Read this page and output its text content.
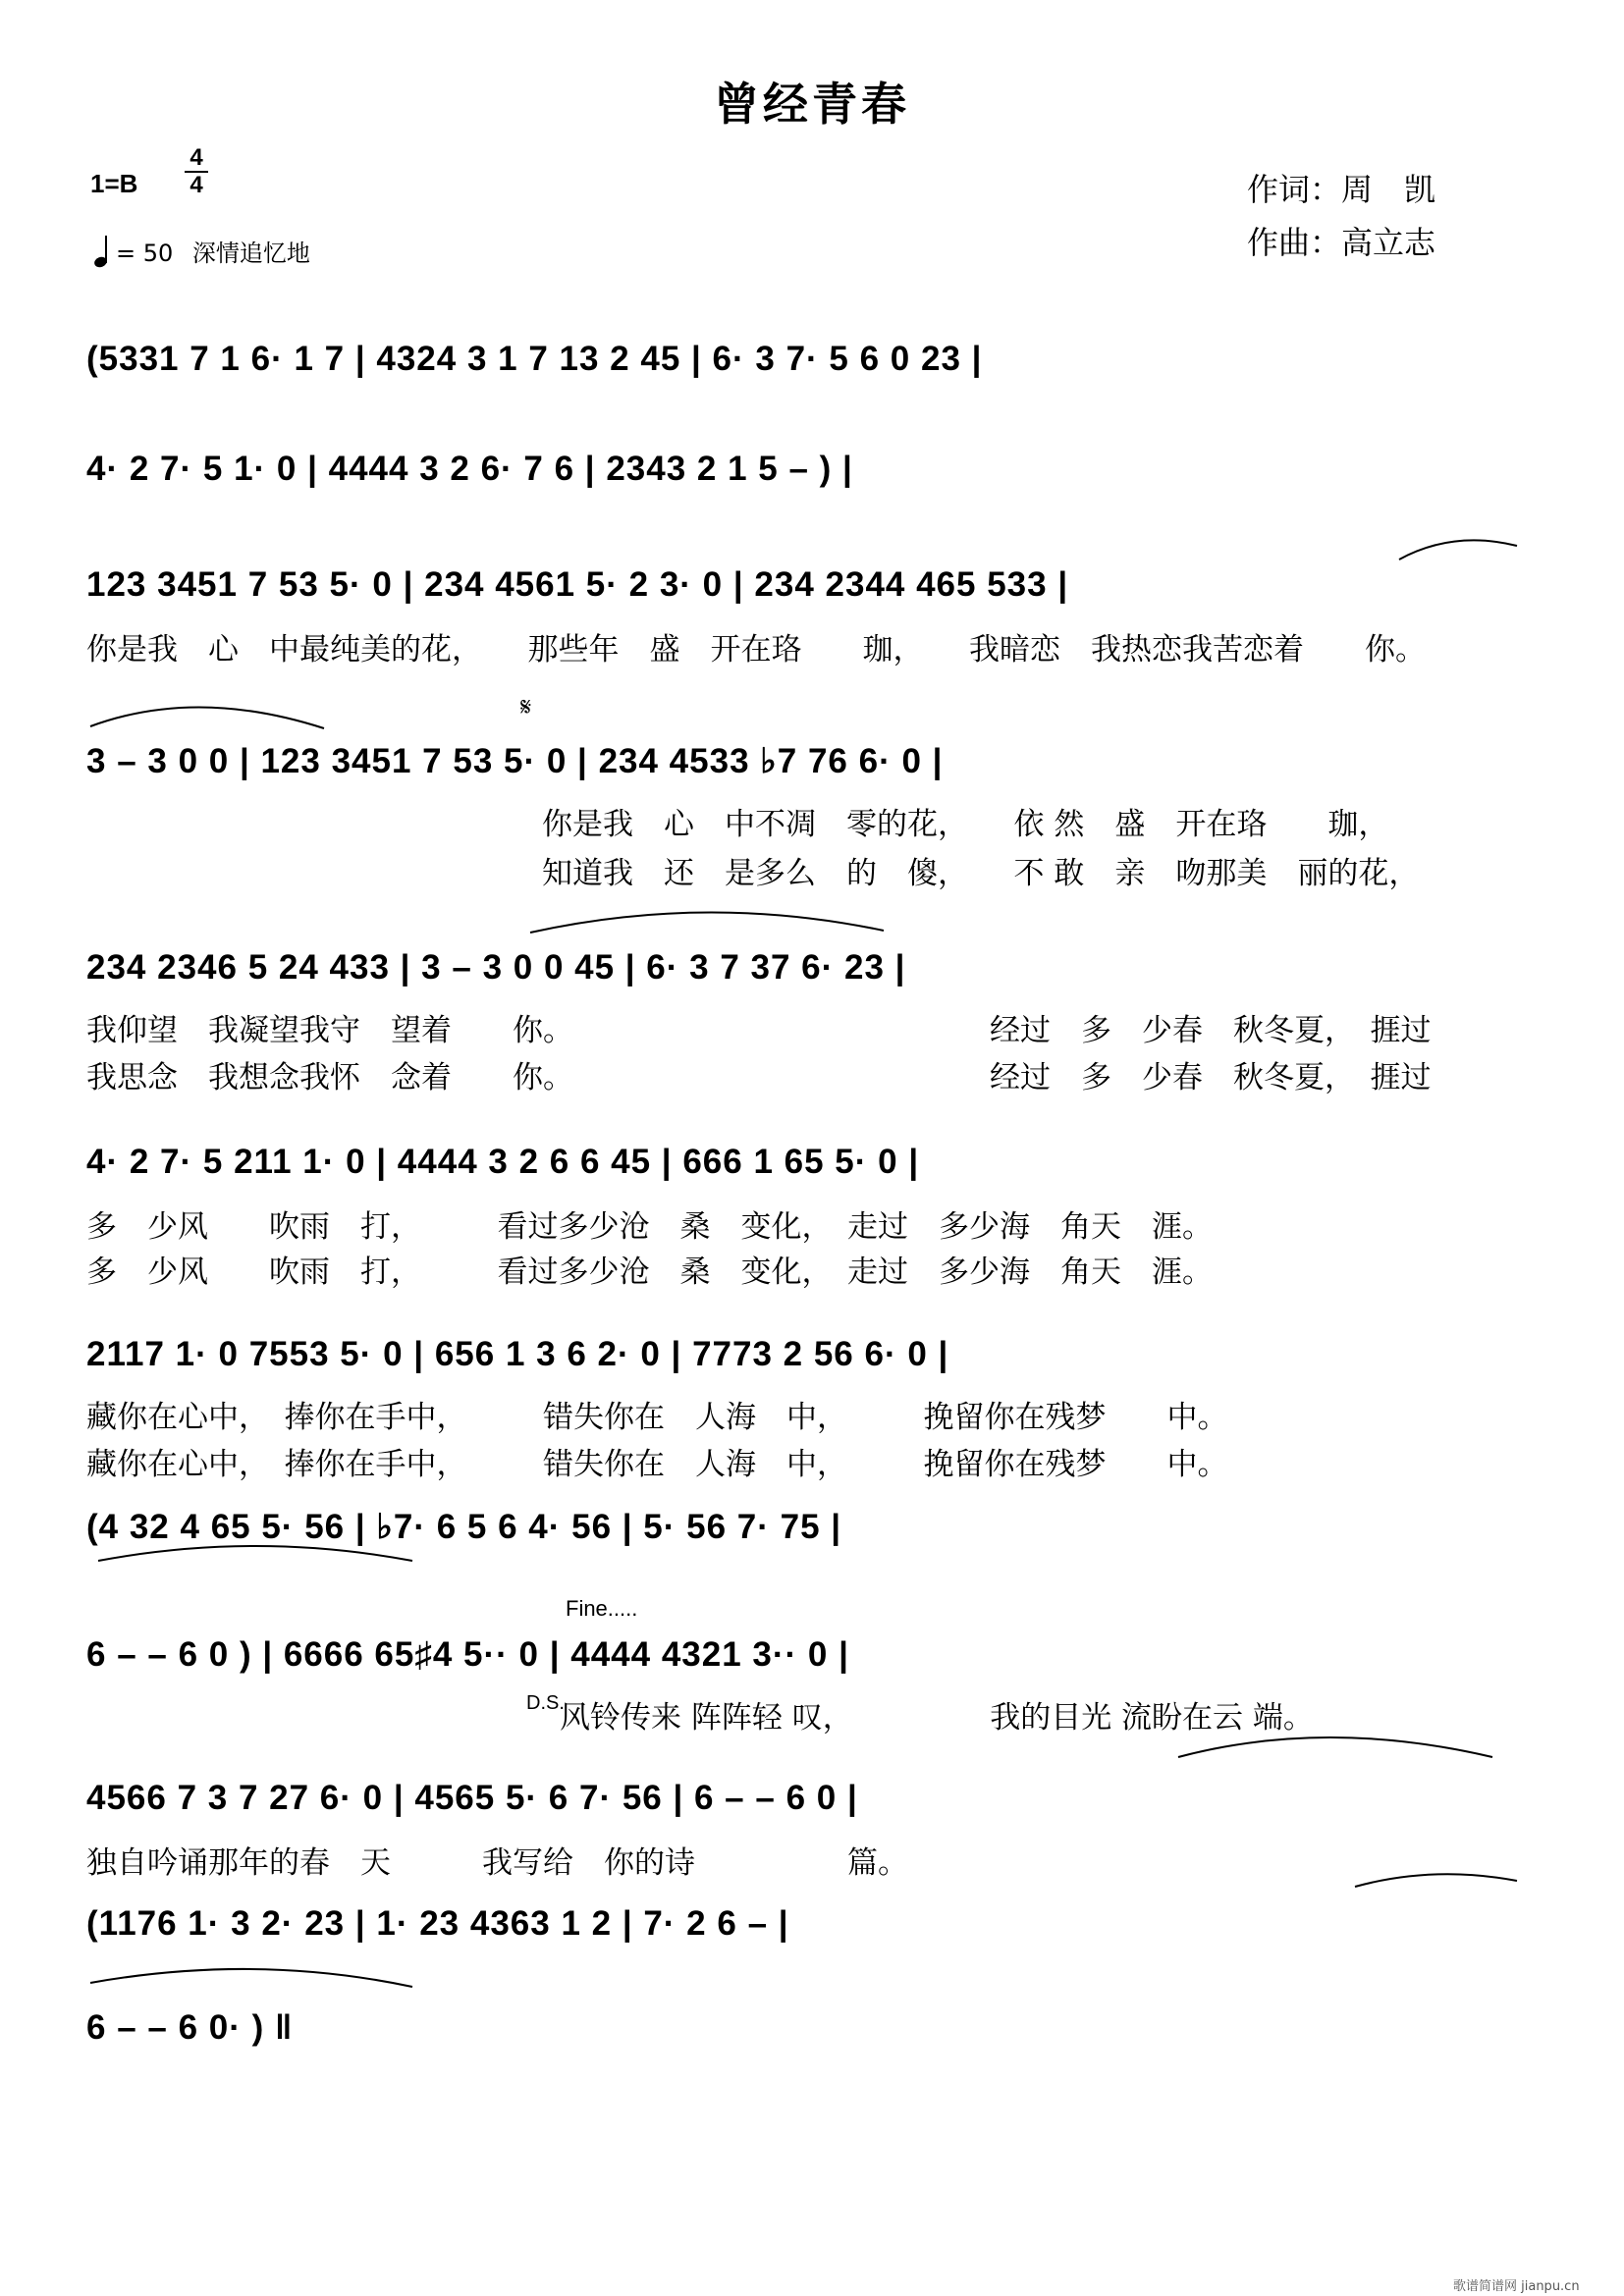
曾经青春
1=B
4
4
= 50 深情追忆地
作词：周　凯
作曲：高立志
(5331 7 1 6· 1 7 | 4324 3 1 7 13 2 45 | 6· 3 7· 5 6 0 23 |
4· 2 7· 5 1· 0 | 4444 3 2 6· 7 6 | 2343 2 1 5 – ) |
123 3451 7 53 5· 0 | 234 4561 5· 2 3· 0 | 234 2344 465 533 |
你是我　心　中最纯美的花，　　那些年　盛　开在珞　　珈，　　我暗恋　我热恋我苦恋着　　你。
𝄋
3 – 3 0 0 | 123 3451 7 53 5· 0 | 234 4533 ♭7 76 6· 0 |
你是我　心　中不凋　零的花，　　依 然　盛　开在珞　　珈，
知道我　还　是多么　的　傻，　　不 敢　亲　吻那美　丽的花，
234 2346 5 24 433 | 3 – 3 0 0 45 | 6· 3 7 37 6· 23 |
我仰望　我凝望我守　望着　　你。	经过　多　少春　秋冬夏，　捱过
我思念　我想念我怀　念着　　你。	经过　多　少春　秋冬夏，　捱过
4· 2 7· 5 211 1· 0 | 4444 3 2 6 6 45 | 666 1 65 5· 0 |
多　少风　　吹雨　打，　　　看过多少沧　桑　变化，　走过　多少海　角天　涯。
多　少风　　吹雨　打，　　　看过多少沧　桑　变化，　走过　多少海　角天　涯。
2117 1· 0 7553 5· 0 | 656 1 3 6 2· 0 | 7773 2 56 6· 0 |
藏你在心中，　捧你在手中，　　　错失你在　人海　中，　　　挽留你在残梦　　中。
藏你在心中，　捧你在手中，　　　错失你在　人海　中，　　　挽留你在残梦　　中。
(4 32 4 65 5· 56 | ♭7· 6 5 6 4· 56 | 5· 56 7· 75 |
Fine.....
6 – – 6 0 ) | 6666 65♯4 5·· 0 | 4444 4321 3·· 0 |
D.S.
风铃传来 阵阵轻 叹，　　　　　我的目光 流盼在云 端。
4566 7 3 7 27 6· 0 | 4565 5· 6 7· 56 | 6 – – 6 0 |
独自吟诵那年的春　天　　　我写给　你的诗　　　　　篇。
(1176 1· 3 2· 23 | 1· 23 4363 1 2 | 7· 2 6 – |
6 – – 6 0· ) ‖
歌谱简谱网 jianpu.cn
